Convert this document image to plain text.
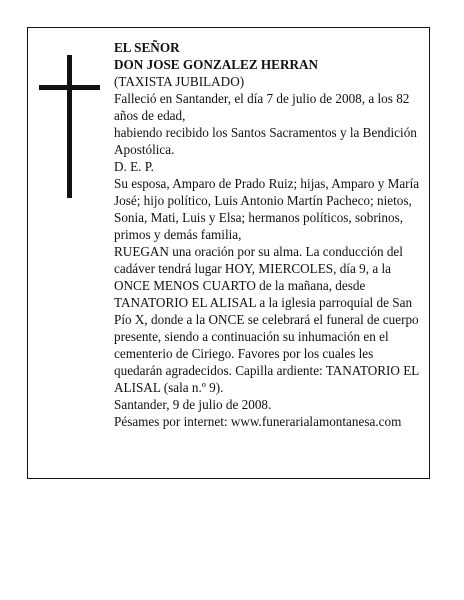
EL SEÑOR

DON JOSE GONZALEZ HERRAN

(TAXISTA JUBILADO)

Falleció en Santander, el día 7 de julio de 2008, a los 82 años de edad,

habiendo recibido los Santos Sacramentos y la Bendición Apostólica.

D. E. P.

Su esposa, Amparo de Prado Ruiz; hijas, Amparo y María José; hijo político, Luis Antonio Martín Pacheco; nietos, Sonia, Mati, Luis y Elsa; hermanos políticos, sobrinos, primos y demás familia,

RUEGAN una oración por su alma. La conducción del cadáver tendrá lugar HOY, MIERCOLES, día 9, a la ONCE MENOS CUARTO de la mañana, desde TANATORIO EL ALISAL a la iglesia parroquial de San Pío X, donde a la ONCE se celebrará el funeral de cuerpo presente, siendo a continuación su inhumación en el cementerio de Ciriego. Favores por los cuales les quedarán agradecidos. Capilla ardiente: TANATORIO EL ALISAL (sala n.º 9).

Santander, 9 de julio de 2008.

Pésames por internet: www.funerarialamontanesa.com
